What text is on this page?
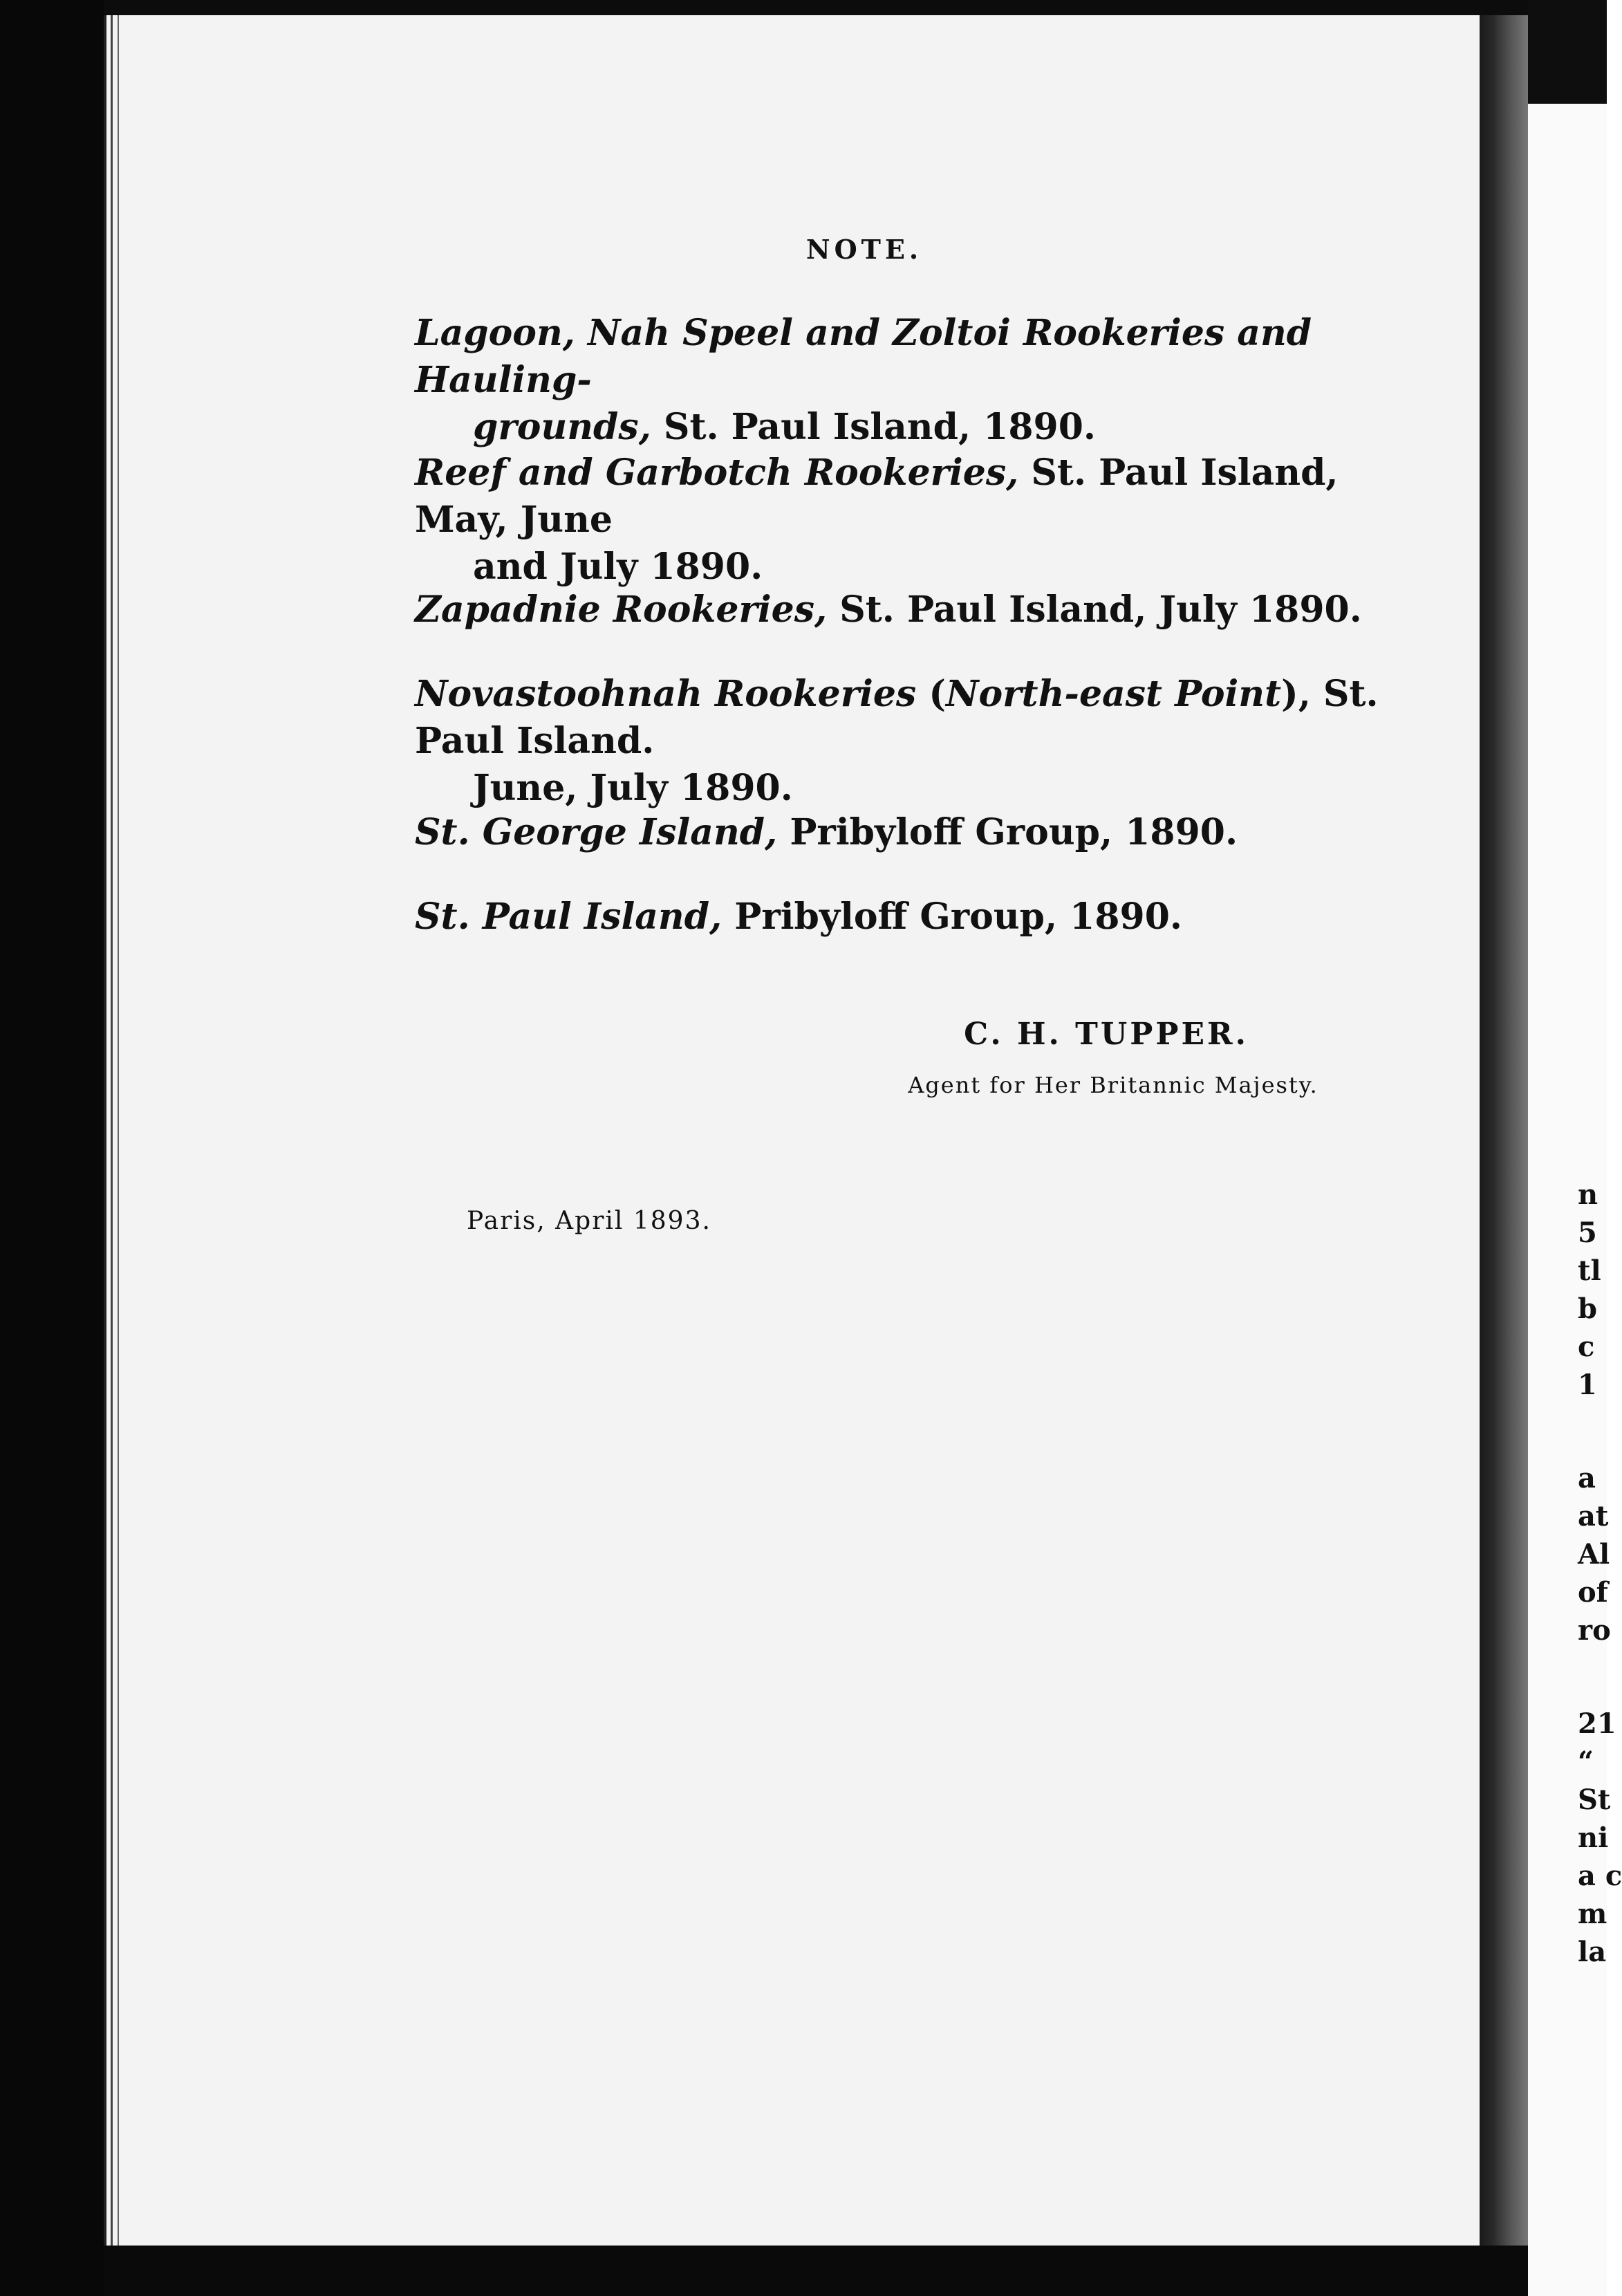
NOTE.
Lagoon, Nah Speel and Zoltoi Rookeries and Hauling-
grounds, St. Paul Island, 1890.
Reef and Garbotch Rookeries, St. Paul Island, May, June
and July 1890.
Zapadnie Rookeries, St. Paul Island, July 1890.
Novastoohnah Rookeries (North-east Point), St. Paul Island.
June, July 1890.
St. George Island, Pribyloff Group, 1890.
St. Paul Island, Pribyloff Group, 1890.
C. H. TUPPER.
Agent for Her Britannic Majesty.
Paris, April 1893.
n
5
tl
b
c
1
a
at
Al
of
ro
21
“
St
ni
a c
m
la
